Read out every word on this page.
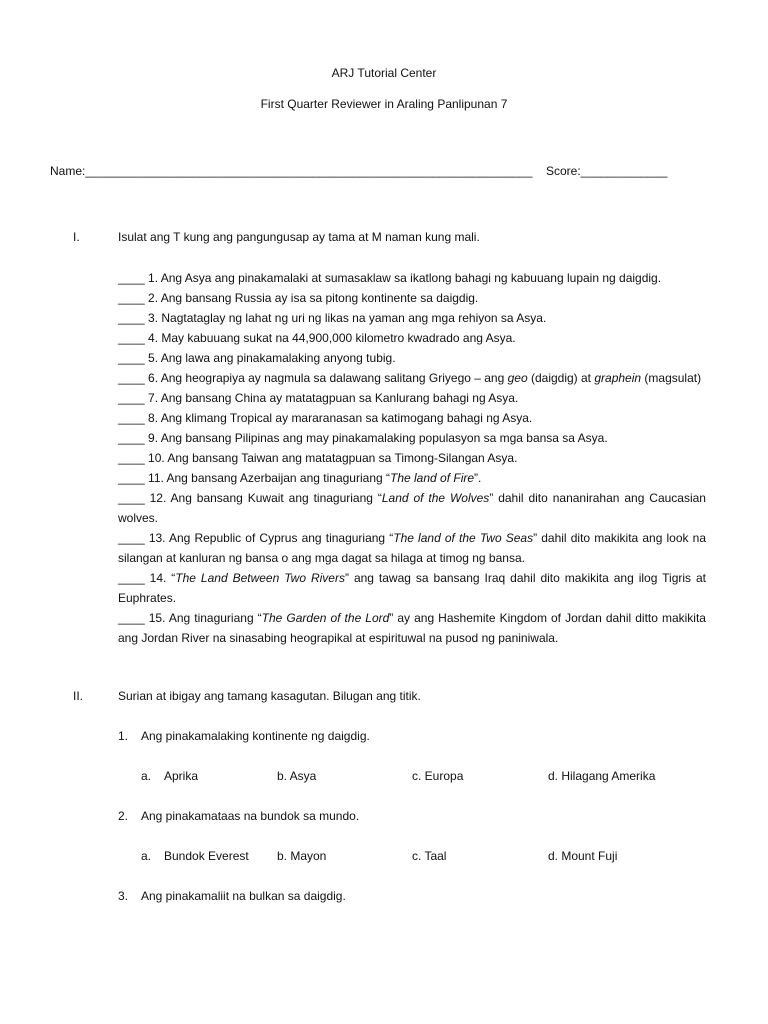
ARJ Tutorial Center
First Quarter Reviewer in Araling Panlipunan 7
Name:___________________________________________________________________ Score:_____________
I.	Isulat ang T kung ang pangungusap ay tama at M naman kung mali.

____ 1. Ang Asya ang pinakamalaki at sumasaklaw sa ikatlong bahagi ng kabuuang lupain ng daigdig.

____ 2. Ang bansang Russia ay isa sa pitong kontinente sa daigdig.

____ 3. Nagtataglay ng lahat ng uri ng likas na yaman ang mga rehiyon sa Asya.

____ 4. May kabuuang sukat na 44,900,000 kilometro kwadrado ang Asya.

____ 5. Ang lawa ang pinakamalaking anyong tubig.

____ 6. Ang heograpiya ay nagmula sa dalawang salitang Griyego – ang geo (daigdig) at graphein (magsulat)

____ 7. Ang bansang China ay matatagpuan sa Kanlurang bahagi ng Asya.

____ 8. Ang klimang Tropical ay mararanasan sa katimogang bahagi ng Asya.

____ 9. Ang bansang Pilipinas ang may pinakamalaking populasyon sa mga bansa sa Asya.

____ 10. Ang bansang Taiwan ang matatagpuan sa Timong-Silangan Asya.

____ 11. Ang bansang Azerbaijan ang tinaguriang “The land of Fire”.

____ 12. Ang bansang Kuwait ang tinaguriang “Land of the Wolves” dahil dito nananirahan ang Caucasian wolves.

____ 13. Ang Republic of Cyprus ang tinaguriang “The land of the Two Seas” dahil dito makikita ang look na silangan at kanluran ng bansa o ang mga dagat sa hilaga at timog ng bansa.

____ 14. “The Land Between Two Rivers” ang tawag sa bansang Iraq dahil dito makikita ang ilog Tigris at Euphrates.

____ 15. Ang tinaguriang “The Garden of the Lord” ay ang Hashemite Kingdom of Jordan dahil ditto makikita ang Jordan River na sinasabing heograpikal at espirituwal na pusod ng paniniwala.

II.	Surian at ibigay ang tamang kasagutan. Bilugan ang titik.
1. Ang pinakamalaking kontinente ng daigdig.
a. Aprika	b. Asya	c. Europa	d. Hilagang Amerika
2. Ang pinakamataas na bundok sa mundo.
a. Bundok Everest b. Mayon	c. Taal	d. Mount Fuji
3. Ang pinakamaliit na bulkan sa daigdig.
